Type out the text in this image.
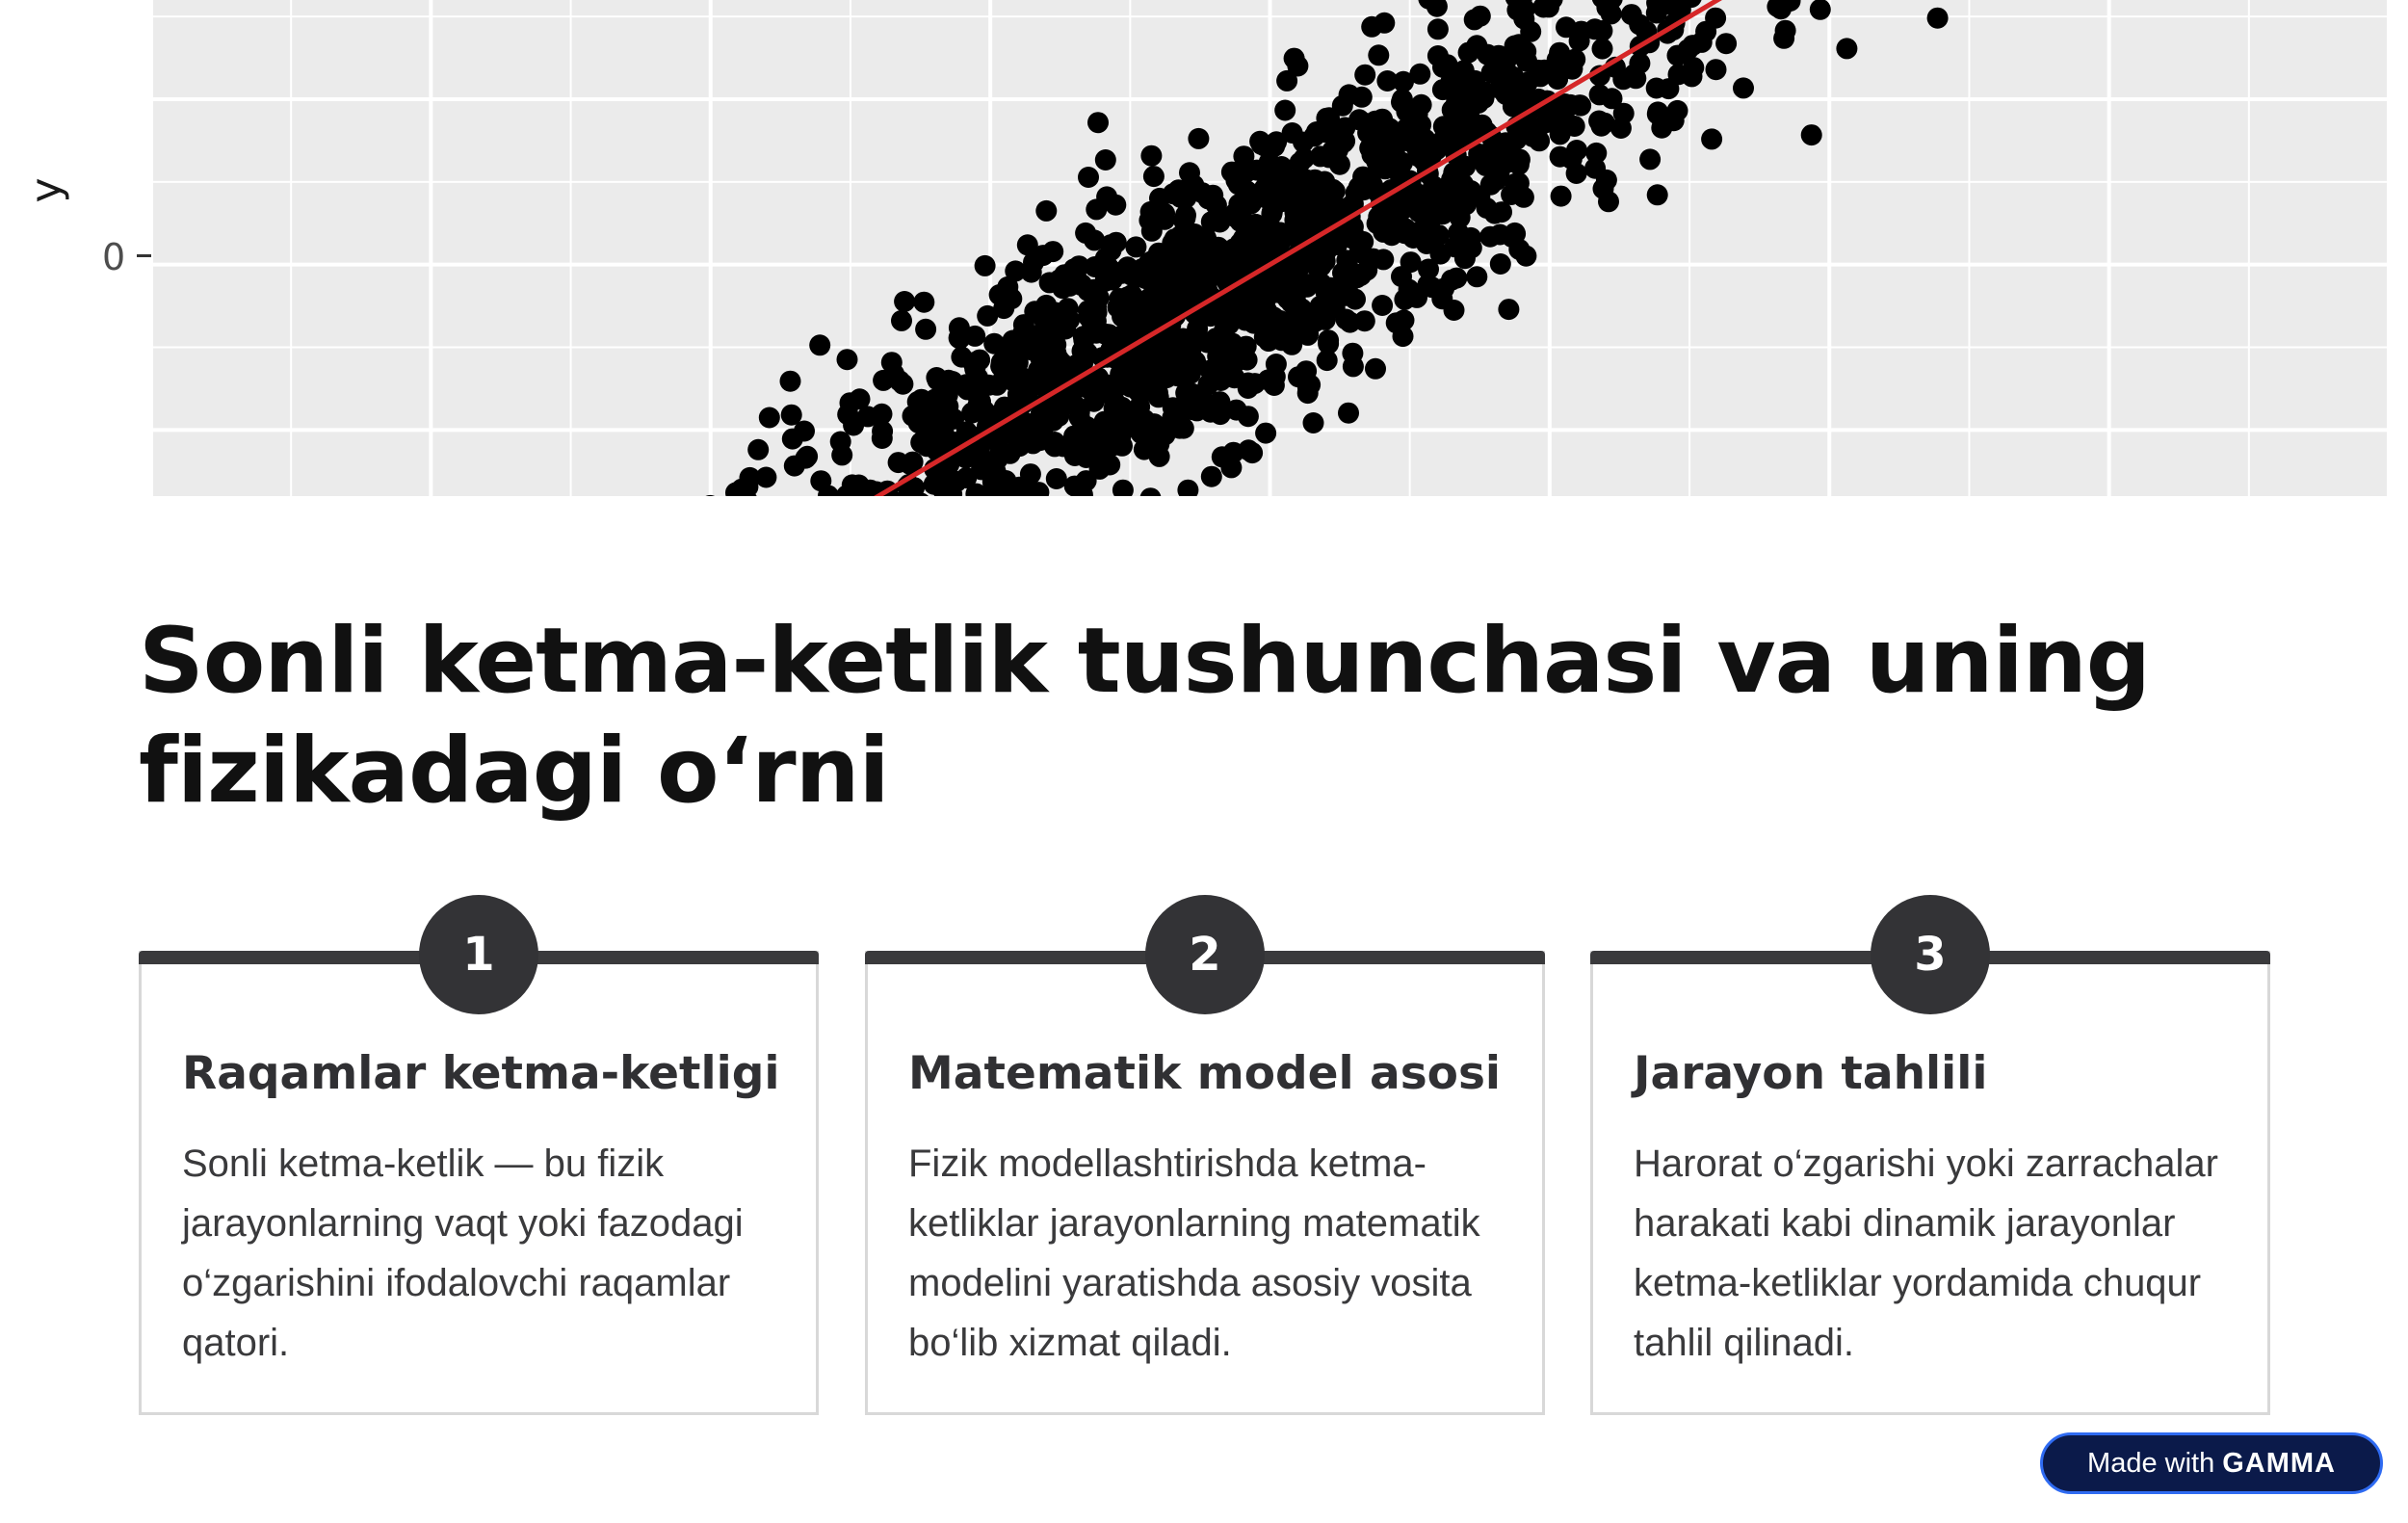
y
0
Sonli ketma-ketlik tushunchasi va uning fizikadagi o‘rni
1
Raqamlar ketma-ketligi
Sonli ketma-ketlik — bu fizik jarayonlarning vaqt yoki fazodagi o‘zgarishini ifodalovchi raqamlar qatori.
2
Matematik model asosi
Fizik modellashtirishda ketma-ketliklar jarayonlarning matematik modelini yaratishda asosiy vosita bo‘lib xizmat qiladi.
3
Jarayon tahlili
Harorat o‘zgarishi yoki zarrachalar harakati kabi dinamik jarayonlar ketma-ketliklar yordamida chuqur tahlil qilinadi.
Made with GAMMA
